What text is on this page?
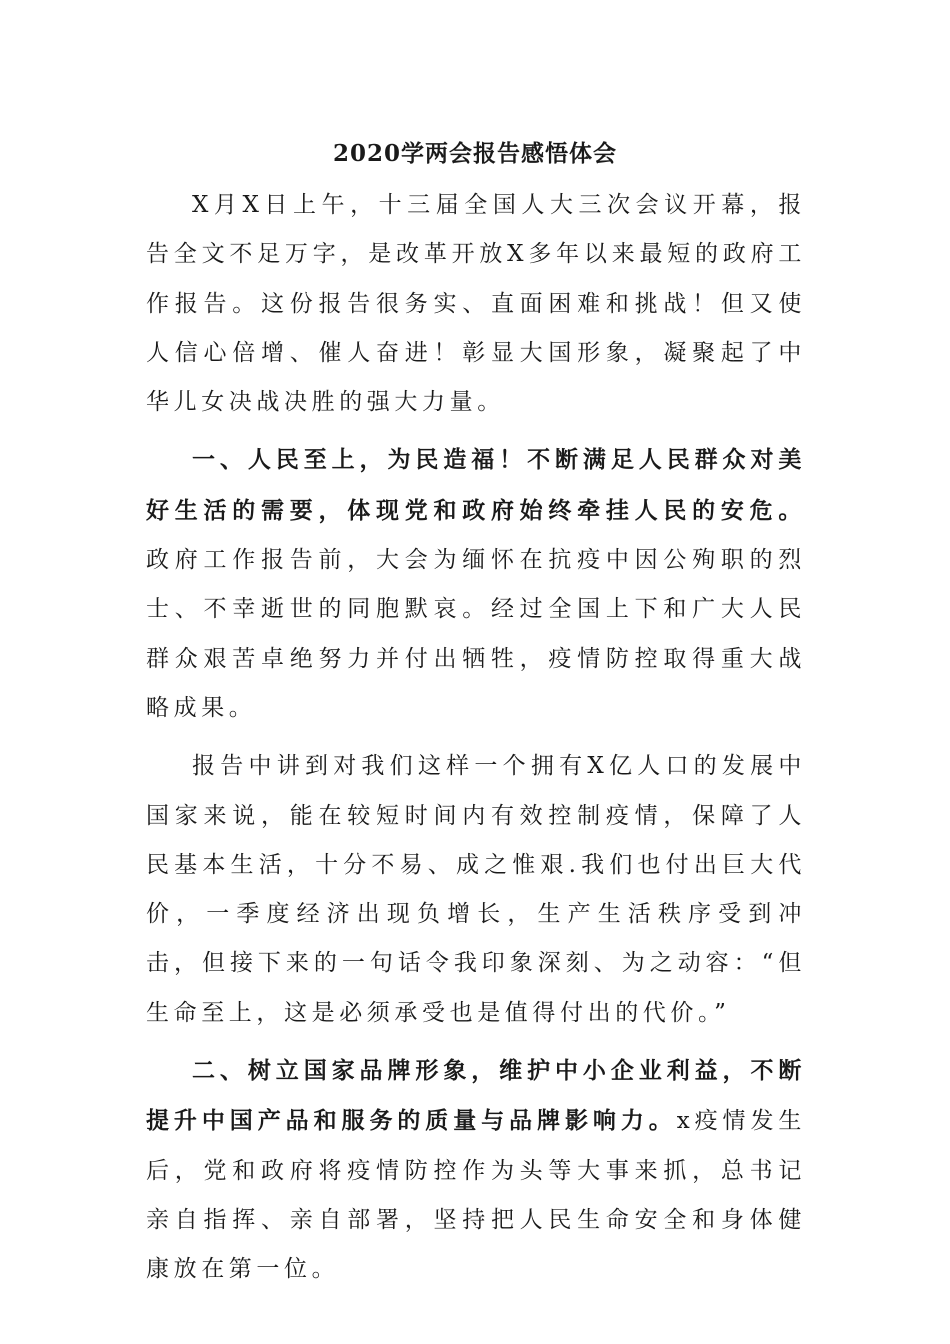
2020学两会报告感悟体会

X月X日上午，十三届全国人大三次会议开幕，报告全文不足万字，是改革开放X多年以来最短的政府工作报告。这份报告很务实、直面困难和挑战！但又使人信心倍增、催人奋进！彰显大国形象，凝聚起了中华儿女决战决胜的强大力量。

一、人民至上，为民造福！不断满足人民群众对美好生活的需要，体现党和政府始终牵挂人民的安危。政府工作报告前，大会为缅怀在抗疫中因公殉职的烈士、不幸逝世的同胞默哀。经过全国上下和广大人民群众艰苦卓绝努力并付出牺牲，疫情防控取得重大战略成果。

报告中讲到对我们这样一个拥有X亿人口的发展中国家来说，能在较短时间内有效控制疫情，保障了人民基本生活，十分不易、成之惟艰.我们也付出巨大代价，一季度经济出现负增长，生产生活秩序受到冲击，但接下来的一句话令我印象深刻、为之动容：“但生命至上，这是必须承受也是值得付出的代价。”

二、树立国家品牌形象，维护中小企业利益，不断提升中国产品和服务的质量与品牌影响力。x疫情发生后，党和政府将疫情防控作为头等大事来抓，总书记亲自指挥、亲自部署，坚持把人民生命安全和身体健康放在第一位。
